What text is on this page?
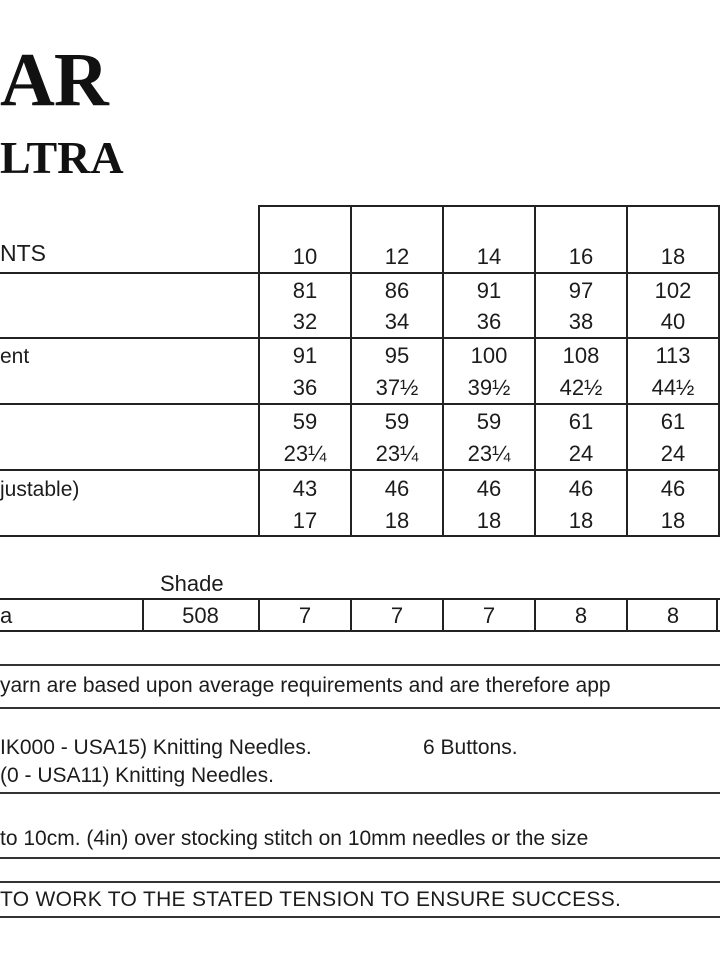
AR
LTRA
NTS	10	12	14	16	18
81	86	91	97	102
32	34	36	38	40
ent	91	95	100	108	113
36	37½	39½	42½	44½
59	59	59	61	61
23¼	23¼	23¼	24	24
justable)	43	46	46	46	46
17	18	18	18	18
Shade
a	508	7	7	7	8	8
yarn are based upon average requirements and are therefore app
IK000 - USA15) Knitting Needles.	6 Buttons.
(0 - USA11) Knitting Needles.
to 10cm. (4in) over stocking stitch on 10mm needles or the size
TO WORK TO THE STATED TENSION TO ENSURE SUCCESS.
